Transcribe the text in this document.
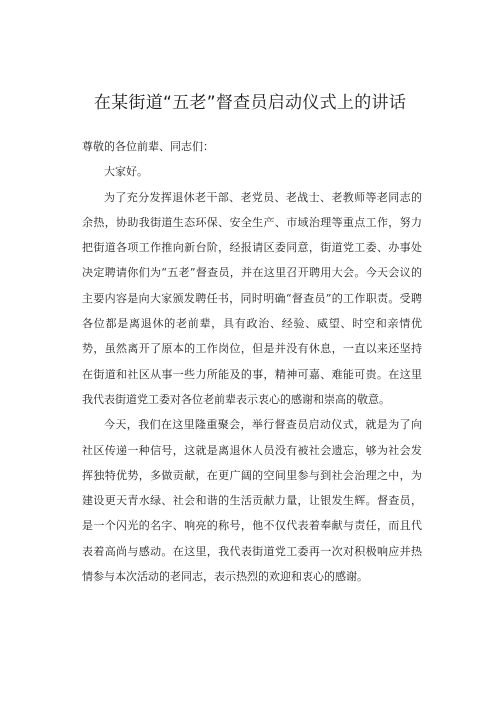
在某街道“五老”督查员启动仪式上的讲话

尊敬的各位前辈、同志们：

大家好。

为了充分发挥退休老干部、老党员、老战士、老教师等老同志的余热，协助我街道生态环保、安全生产、市域治理等重点工作，努力把街道各项工作推向新台阶，经报请区委同意，街道党工委、办事处决定聘请你们为“五老”督查员，并在这里召开聘用大会。今天会议的主要内容是向大家颁发聘任书，同时明确“督查员”的工作职责。受聘各位都是离退休的老前辈，具有政治、经验、威望、时空和亲情优势，虽然离开了原本的工作岗位，但是并没有休息，一直以来还坚持在街道和社区从事一些力所能及的事，精神可嘉、难能可贵。在这里我代表街道党工委对各位老前辈表示衷心的感谢和崇高的敬意。

今天，我们在这里隆重聚会，举行督查员启动仪式，就是为了向社区传递一种信号，这就是离退休人员没有被社会遗忘，够为社会发挥独特优势，多做贡献，在更广阔的空间里参与到社会治理之中，为建设更天青水绿、社会和谐的生活贡献力量，让银发生辉。督查员，是一个闪光的名字、响亮的称号，他不仅代表着奉献与责任，而且代表着高尚与感动。在这里，我代表街道党工委再一次对积极响应并热情参与本次活动的老同志，表示热烈的欢迎和衷心的感谢。
